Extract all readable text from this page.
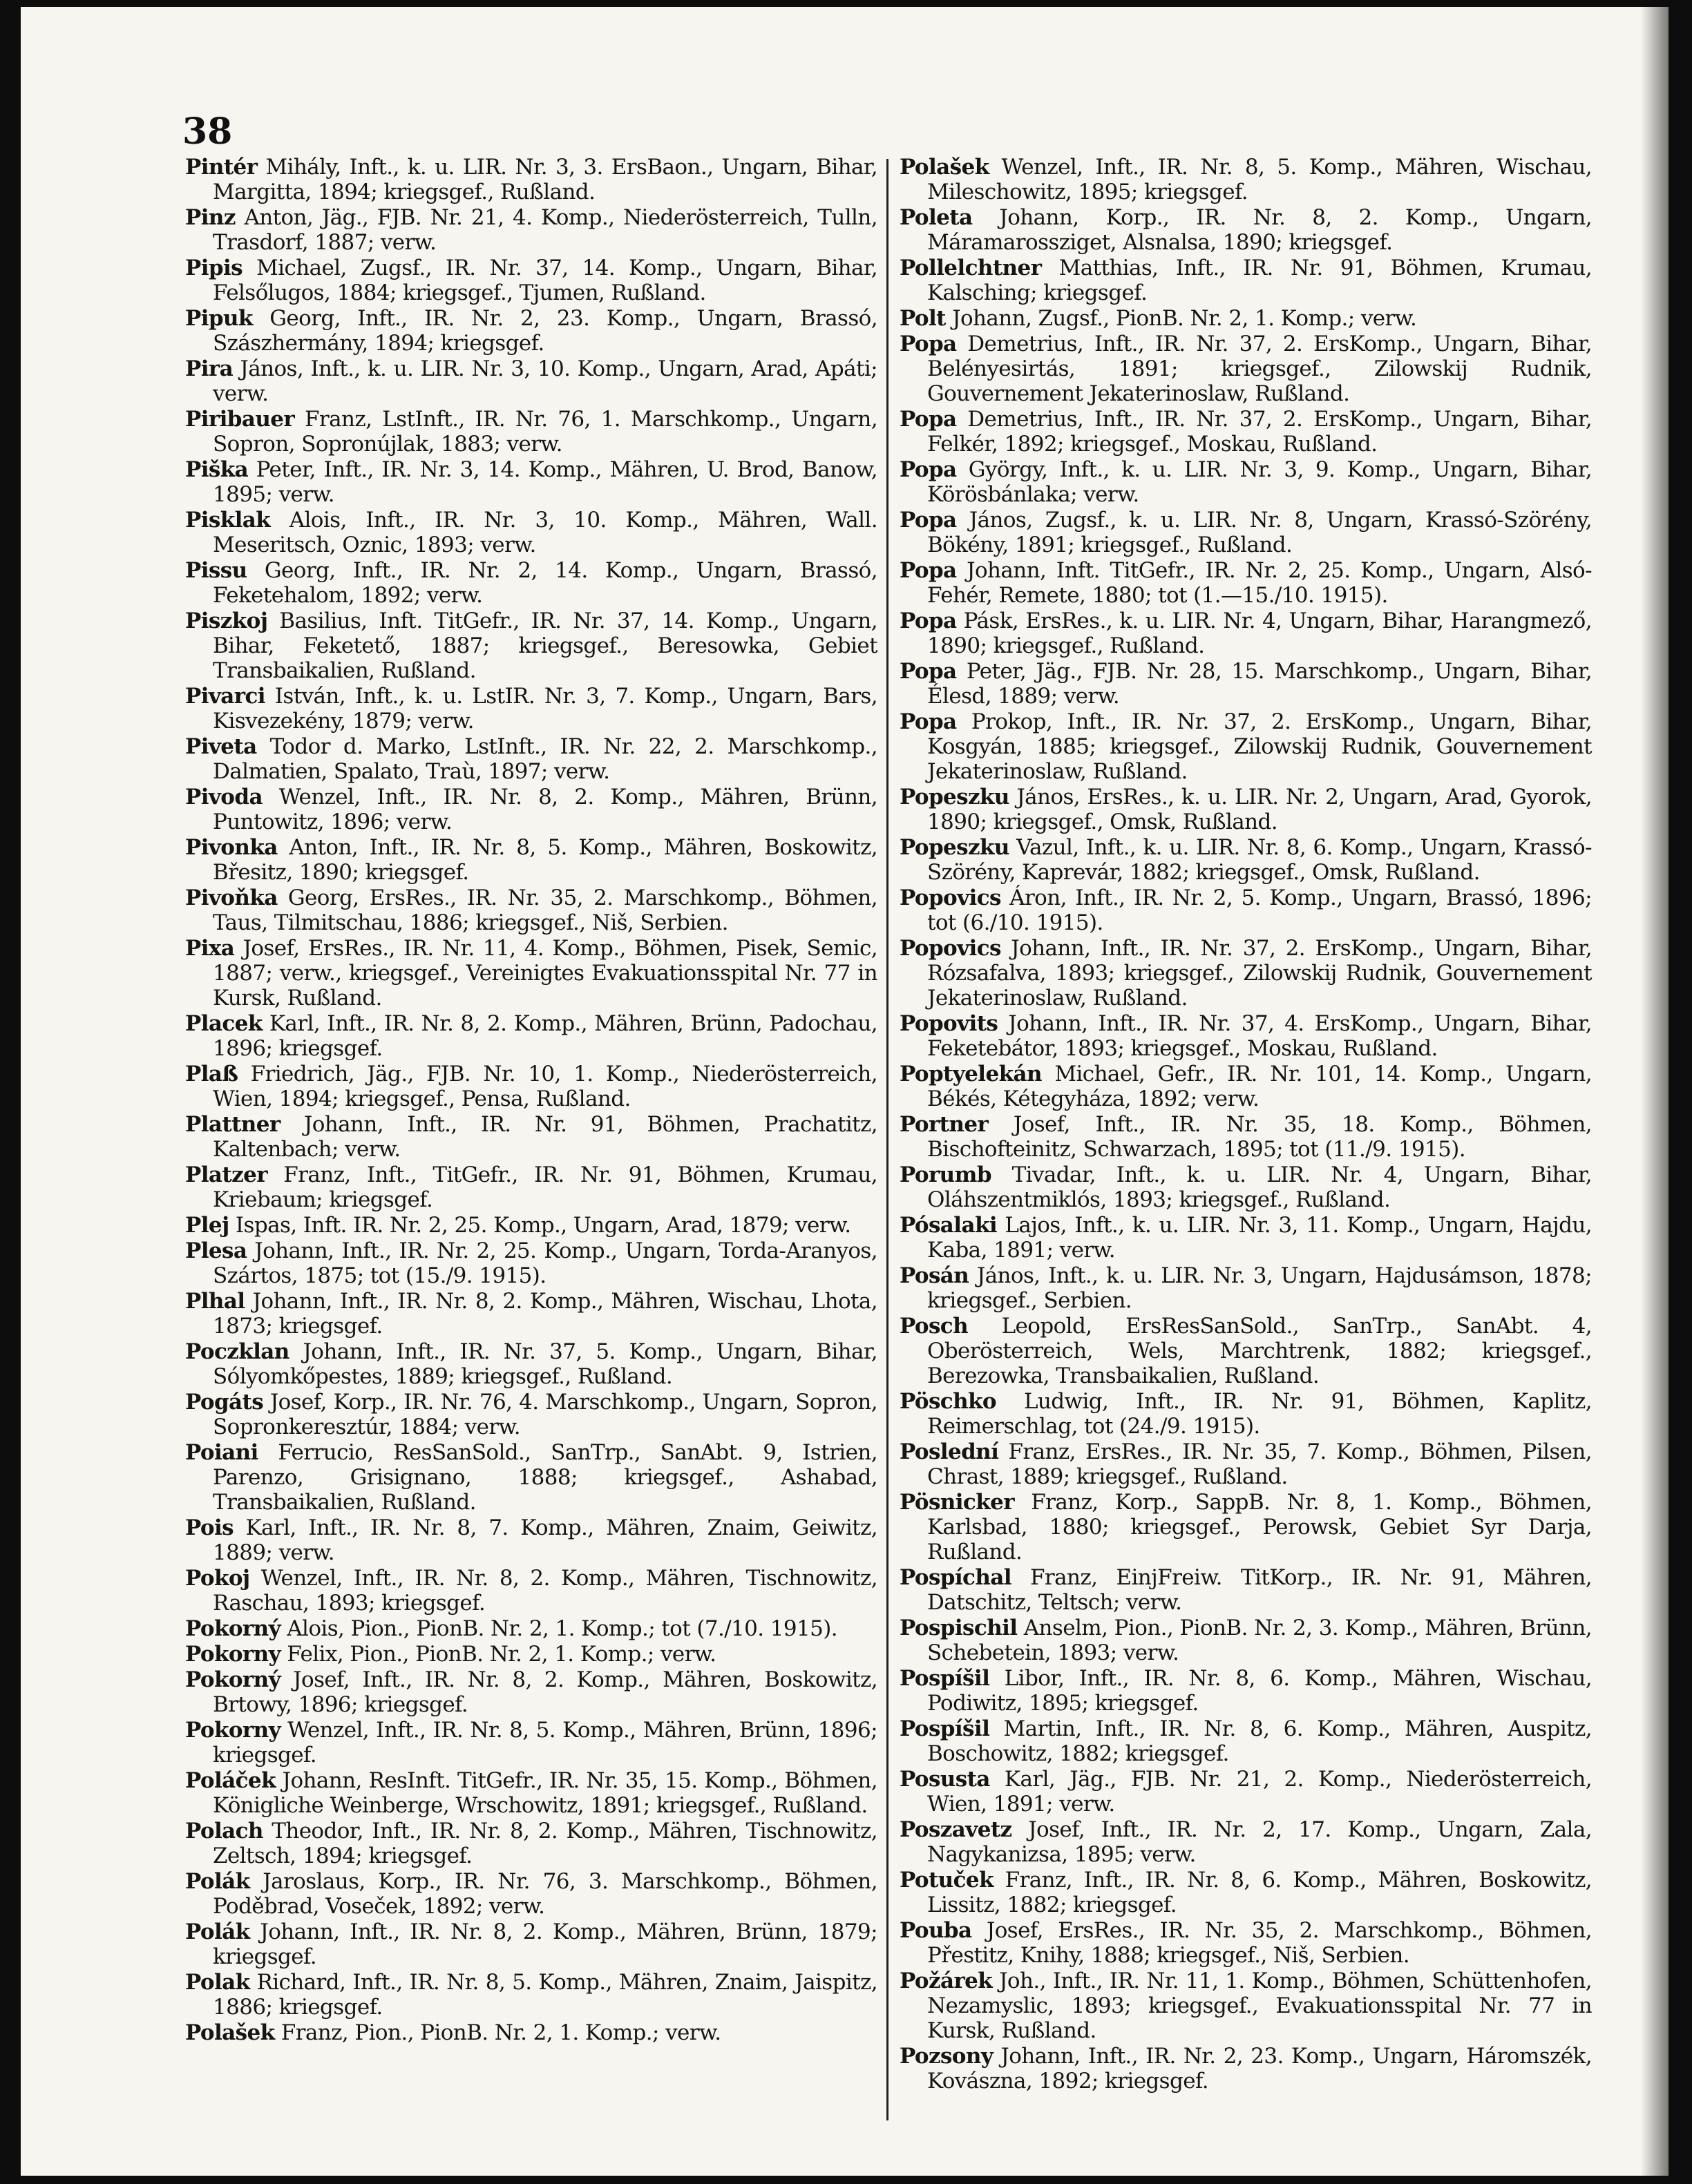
38

Pintér Mihály, Inft., k. u. LIR. Nr. 3, 3. ErsBaon., Ungarn, Bihar, Margitta, 1894; kriegsgef., Rußland.

Pinz Anton, Jäg., FJB. Nr. 21, 4. Komp., Niederösterreich, Tulln, Trasdorf, 1887; verw.

Pipis Michael, Zugsf., IR. Nr. 37, 14. Komp., Ungarn, Bihar, Felsőlugos, 1884; kriegsgef., Tjumen, Rußland.

Pipuk Georg, Inft., IR. Nr. 2, 23. Komp., Ungarn, Brassó, Szászhermány, 1894; kriegsgef.

Pira János, Inft., k. u. LIR. Nr. 3, 10. Komp., Ungarn, Arad, Apáti; verw.

Piribauer Franz, LstInft., IR. Nr. 76, 1. Marschkomp., Ungarn, Sopron, Sopronújlak, 1883; verw.

Piška Peter, Inft., IR. Nr. 3, 14. Komp., Mähren, U. Brod, Banow, 1895; verw.

Pisklak Alois, Inft., IR. Nr. 3, 10. Komp., Mähren, Wall. Meseritsch, Oznic, 1893; verw.

Pissu Georg, Inft., IR. Nr. 2, 14. Komp., Ungarn, Brassó, Feketehalom, 1892; verw.

Piszkoj Basilius, Inft. TitGefr., IR. Nr. 37, 14. Komp., Ungarn, Bihar, Feketető, 1887; kriegsgef., Beresowka, Gebiet Transbaikalien, Rußland.

Pivarci István, Inft., k. u. LstIR. Nr. 3, 7. Komp., Ungarn, Bars, Kisvezekény, 1879; verw.

Piveta Todor d. Marko, LstInft., IR. Nr. 22, 2. Marschkomp., Dalmatien, Spalato, Traù, 1897; verw.

Pivoda Wenzel, Inft., IR. Nr. 8, 2. Komp., Mähren, Brünn, Puntowitz, 1896; verw.

Pivonka Anton, Inft., IR. Nr. 8, 5. Komp., Mähren, Boskowitz, Břesitz, 1890; kriegsgef.

Pivoňka Georg, ErsRes., IR. Nr. 35, 2. Marschkomp., Böhmen, Taus, Tilmitschau, 1886; kriegsgef., Niš, Serbien.

Pixa Josef, ErsRes., IR. Nr. 11, 4. Komp., Böhmen, Pisek, Semic, 1887; verw., kriegsgef., Vereinigtes Evakuationsspital Nr. 77 in Kursk, Rußland.

Placek Karl, Inft., IR. Nr. 8, 2. Komp., Mähren, Brünn, Padochau, 1896; kriegsgef.

Plaß Friedrich, Jäg., FJB. Nr. 10, 1. Komp., Niederösterreich, Wien, 1894; kriegsgef., Pensa, Rußland.

Plattner Johann, Inft., IR. Nr. 91, Böhmen, Prachatitz, Kaltenbach; verw.

Platzer Franz, Inft., TitGefr., IR. Nr. 91, Böhmen, Krumau, Kriebaum; kriegsgef.

Plej Ispas, Inft. IR. Nr. 2, 25. Komp., Ungarn, Arad, 1879; verw.

Plesa Johann, Inft., IR. Nr. 2, 25. Komp., Ungarn, Torda-Aranyos, Szártos, 1875; tot (15./9. 1915).

Plhal Johann, Inft., IR. Nr. 8, 2. Komp., Mähren, Wischau, Lhota, 1873; kriegsgef.

Poczklan Johann, Inft., IR. Nr. 37, 5. Komp., Ungarn, Bihar, Sólyomkőpestes, 1889; kriegsgef., Rußland.

Pogáts Josef, Korp., IR. Nr. 76, 4. Marschkomp., Ungarn, Sopron, Sopronkeresztúr, 1884; verw.

Poiani Ferrucio, ResSanSold., SanTrp., SanAbt. 9, Istrien, Parenzo, Grisignano, 1888; kriegsgef., Ashabad, Transbaikalien, Rußland.

Pois Karl, Inft., IR. Nr. 8, 7. Komp., Mähren, Znaim, Geiwitz, 1889; verw.

Pokoj Wenzel, Inft., IR. Nr. 8, 2. Komp., Mähren, Tischnowitz, Raschau, 1893; kriegsgef.

Pokorný Alois, Pion., PionB. Nr. 2, 1. Komp.; tot (7./10. 1915).

Pokorny Felix, Pion., PionB. Nr. 2, 1. Komp.; verw.

Pokorný Josef, Inft., IR. Nr. 8, 2. Komp., Mähren, Boskowitz, Brtowy, 1896; kriegsgef.

Pokorny Wenzel, Inft., IR. Nr. 8, 5. Komp., Mähren, Brünn, 1896; kriegsgef.

Poláček Johann, ResInft. TitGefr., IR. Nr. 35, 15. Komp., Böhmen, Königliche Weinberge, Wrschowitz, 1891; kriegsgef., Rußland.

Polach Theodor, Inft., IR. Nr. 8, 2. Komp., Mähren, Tischnowitz, Zeltsch, 1894; kriegsgef.

Polák Jaroslaus, Korp., IR. Nr. 76, 3. Marschkomp., Böhmen, Poděbrad, Voseček, 1892; verw.

Polák Johann, Inft., IR. Nr. 8, 2. Komp., Mähren, Brünn, 1879; kriegsgef.

Polak Richard, Inft., IR. Nr. 8, 5. Komp., Mähren, Znaim, Jaispitz, 1886; kriegsgef.

Polašek Franz, Pion., PionB. Nr. 2, 1. Komp.; verw.

Polašek Wenzel, Inft., IR. Nr. 8, 5. Komp., Mähren, Wischau, Mileschowitz, 1895; kriegsgef.

Poleta Johann, Korp., IR. Nr. 8, 2. Komp., Ungarn, Máramarossziget, Alsnalsa, 1890; kriegsgef.

Pollelchtner Matthias, Inft., IR. Nr. 91, Böhmen, Krumau, Kalsching; kriegsgef.

Polt Johann, Zugsf., PionB. Nr. 2, 1. Komp.; verw.

Popa Demetrius, Inft., IR. Nr. 37, 2. ErsKomp., Ungarn, Bihar, Belényesirtás, 1891; kriegsgef., Zilowskij Rudnik, Gouvernement Jekaterinoslaw, Rußland.

Popa Demetrius, Inft., IR. Nr. 37, 2. ErsKomp., Ungarn, Bihar, Felkér, 1892; kriegsgef., Moskau, Rußland.

Popa György, Inft., k. u. LIR. Nr. 3, 9. Komp., Ungarn, Bihar, Körösbánlaka; verw.

Popa János, Zugsf., k. u. LIR. Nr. 8, Ungarn, Krassó-Szörény, Bökény, 1891; kriegsgef., Rußland.

Popa Johann, Inft. TitGefr., IR. Nr. 2, 25. Komp., Ungarn, Alsó-Fehér, Remete, 1880; tot (1.—15./10. 1915).

Popa Pásk, ErsRes., k. u. LIR. Nr. 4, Ungarn, Bihar, Harangmező, 1890; kriegsgef., Rußland.

Popa Peter, Jäg., FJB. Nr. 28, 15. Marschkomp., Ungarn, Bihar, Élesd, 1889; verw.

Popa Prokop, Inft., IR. Nr. 37, 2. ErsKomp., Ungarn, Bihar, Kosgyán, 1885; kriegsgef., Zilowskij Rudnik, Gouvernement Jekaterinoslaw, Rußland.

Popeszku János, ErsRes., k. u. LIR. Nr. 2, Ungarn, Arad, Gyorok, 1890; kriegsgef., Omsk, Rußland.

Popeszku Vazul, Inft., k. u. LIR. Nr. 8, 6. Komp., Ungarn, Krassó-Szörény, Kaprevár, 1882; kriegsgef., Omsk, Rußland.

Popovics Áron, Inft., IR. Nr. 2, 5. Komp., Ungarn, Brassó, 1896; tot (6./10. 1915).

Popovics Johann, Inft., IR. Nr. 37, 2. ErsKomp., Ungarn, Bihar, Rózsafalva, 1893; kriegsgef., Zilowskij Rudnik, Gouvernement Jekaterinoslaw, Rußland.

Popovits Johann, Inft., IR. Nr. 37, 4. ErsKomp., Ungarn, Bihar, Feketebátor, 1893; kriegsgef., Moskau, Rußland.

Poptyelekán Michael, Gefr., IR. Nr. 101, 14. Komp., Ungarn, Békés, Kétegyháza, 1892; verw.

Portner Josef, Inft., IR. Nr. 35, 18. Komp., Böhmen, Bischofteinitz, Schwarzach, 1895; tot (11./9. 1915).

Porumb Tivadar, Inft., k. u. LIR. Nr. 4, Ungarn, Bihar, Oláhszentmiklós, 1893; kriegsgef., Rußland.

Pósalaki Lajos, Inft., k. u. LIR. Nr. 3, 11. Komp., Ungarn, Hajdu, Kaba, 1891; verw.

Posán János, Inft., k. u. LIR. Nr. 3, Ungarn, Hajdusámson, 1878; kriegsgef., Serbien.

Posch Leopold, ErsResSanSold., SanTrp., SanAbt. 4, Oberösterreich, Wels, Marchtrenk, 1882; kriegsgef., Berezowka, Transbaikalien, Rußland.

Pöschko Ludwig, Inft., IR. Nr. 91, Böhmen, Kaplitz, Reimerschlag, tot (24./9. 1915).

Poslední Franz, ErsRes., IR. Nr. 35, 7. Komp., Böhmen, Pilsen, Chrast, 1889; kriegsgef., Rußland.

Pösnicker Franz, Korp., SappB. Nr. 8, 1. Komp., Böhmen, Karlsbad, 1880; kriegsgef., Perowsk, Gebiet Syr Darja, Rußland.

Pospíchal Franz, EinjFreiw. TitKorp., IR. Nr. 91, Mähren, Datschitz, Teltsch; verw.

Pospischil Anselm, Pion., PionB. Nr. 2, 3. Komp., Mähren, Brünn, Schebetein, 1893; verw.

Pospíšil Libor, Inft., IR. Nr. 8, 6. Komp., Mähren, Wischau, Podiwitz, 1895; kriegsgef.

Pospíšil Martin, Inft., IR. Nr. 8, 6. Komp., Mähren, Auspitz, Boschowitz, 1882; kriegsgef.

Posusta Karl, Jäg., FJB. Nr. 21, 2. Komp., Niederösterreich, Wien, 1891; verw.

Poszavetz Josef, Inft., IR. Nr. 2, 17. Komp., Ungarn, Zala, Nagykanizsa, 1895; verw.

Potuček Franz, Inft., IR. Nr. 8, 6. Komp., Mähren, Boskowitz, Lissitz, 1882; kriegsgef.

Pouba Josef, ErsRes., IR. Nr. 35, 2. Marschkomp., Böhmen, Přestitz, Knihy, 1888; kriegsgef., Niš, Serbien.

Požárek Joh., Inft., IR. Nr. 11, 1. Komp., Böhmen, Schüttenhofen, Nezamyslic, 1893; kriegsgef., Evakuationsspital Nr. 77 in Kursk, Rußland.

Pozsony Johann, Inft., IR. Nr. 2, 23. Komp., Ungarn, Háromszék, Kovászna, 1892; kriegsgef.
